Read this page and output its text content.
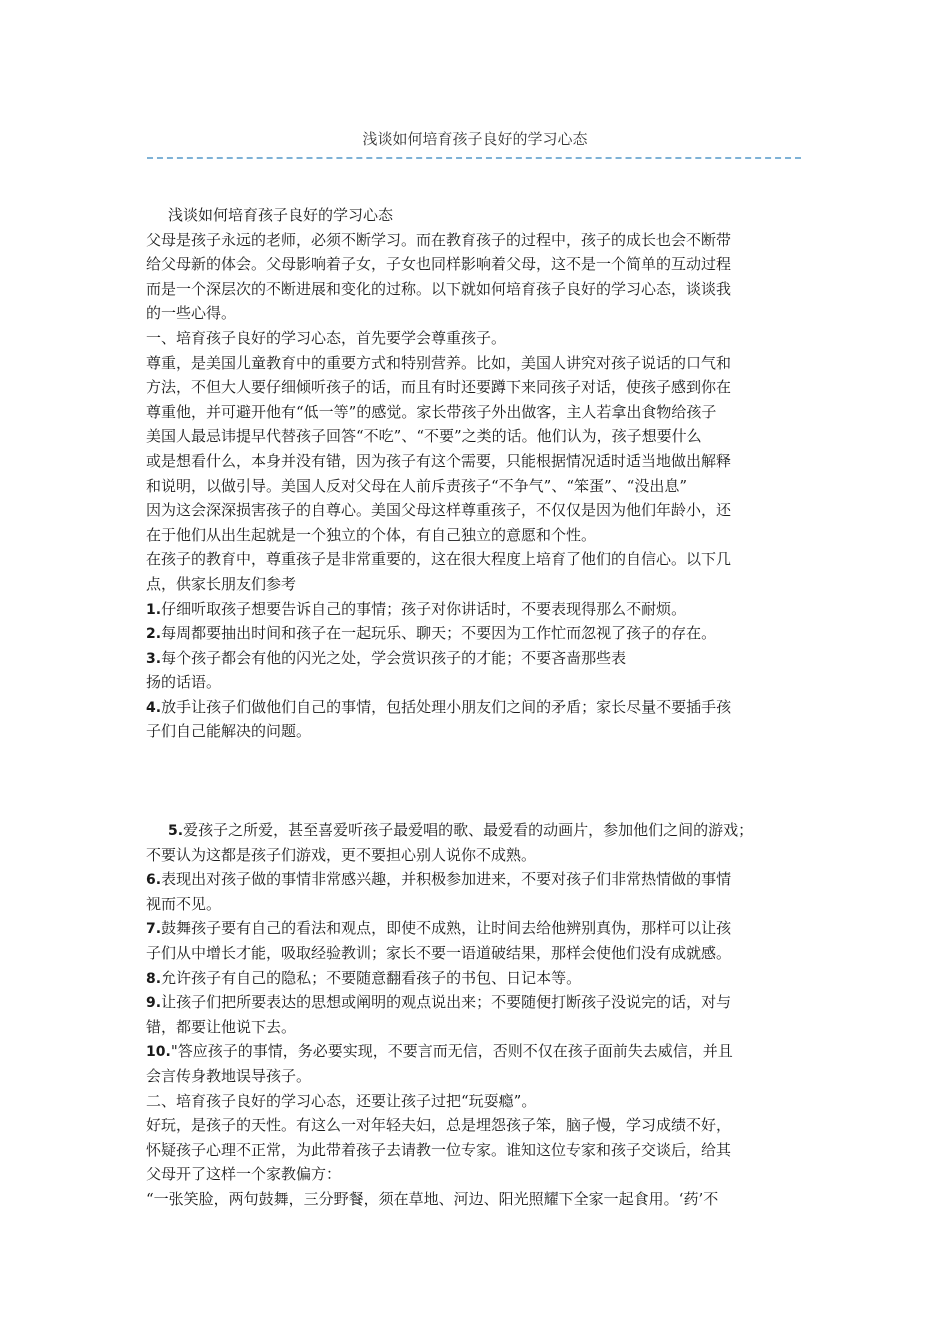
浅谈如何培育孩子良好的学习心态
浅谈如何培育孩子良好的学习心态
父母是孩子永远的老师，必须不断学习。而在教育孩子的过程中，孩子的成长也会不断带
给父母新的体会。父母影响着子女，子女也同样影响着父母，这不是一个简单的互动过程
而是一个深层次的不断进展和变化的过称。以下就如何培育孩子良好的学习心态，谈谈我
的一些心得。
一、培育孩子良好的学习心态，首先要学会尊重孩子。
尊重，是美国儿童教育中的重要方式和特别营养。比如，美国人讲究对孩子说话的口气和
方法，不但大人要仔细倾听孩子的话，而且有时还要蹲下来同孩子对话，使孩子感到你在
尊重他，并可避开他有“低一等”的感觉。家长带孩子外出做客，主人若拿出食物给孩子
美国人最忌讳提早代替孩子回答“不吃”、“不要”之类的话。他们认为，孩子想要什么
或是想看什么，本身并没有错，因为孩子有这个需要，只能根据情况适时适当地做出解释
和说明，以做引导。美国人反对父母在人前斥责孩子“不争气”、“笨蛋”、“没出息”
因为这会深深损害孩子的自尊心。美国父母这样尊重孩子，不仅仅是因为他们年龄小，还
在于他们从出生起就是一个独立的个体，有自己独立的意愿和个性。
在孩子的教育中，尊重孩子是非常重要的，这在很大程度上培育了他们的自信心。以下几
点，供家长朋友们参考
1.仔细听取孩子想要告诉自己的事情；孩子对你讲话时，不要表现得那么不耐烦。
2.每周都要抽出时间和孩子在一起玩乐、聊天；不要因为工作忙而忽视了孩子的存在。
3.每个孩子都会有他的闪光之处，学会赏识孩子的才能；不要吝啬那些表
扬的话语。
4.放手让孩子们做他们自己的事情，包括处理小朋友们之间的矛盾；家长尽量不要插手孩
子们自己能解决的问题。
5.爱孩子之所爱，甚至喜爱听孩子最爱唱的歌、最爱看的动画片，参加他们之间的游戏；
不要认为这都是孩子们游戏，更不要担心别人说你不成熟。
6.表现出对孩子做的事情非常感兴趣，并积极参加进来，不要对孩子们非常热情做的事情
视而不见。
7.鼓舞孩子要有自己的看法和观点，即使不成熟，让时间去给他辨别真伪，那样可以让孩
子们从中增长才能，吸取经验教训；家长不要一语道破结果，那样会使他们没有成就感。
8.允许孩子有自己的隐私；不要随意翻看孩子的书包、日记本等。
9.让孩子们把所要表达的思想或阐明的观点说出来；不要随便打断孩子没说完的话，对与
错，都要让他说下去。
10."答应孩子的事情，务必要实现，不要言而无信，否则不仅在孩子面前失去威信，并且
会言传身教地误导孩子。
二、培育孩子良好的学习心态，还要让孩子过把“玩耍瘾”。
好玩，是孩子的天性。有这么一对年轻夫妇，总是埋怨孩子笨，脑子慢，学习成绩不好，
怀疑孩子心理不正常，为此带着孩子去请教一位专家。谁知这位专家和孩子交谈后，给其
父母开了这样一个家教偏方：
“一张笑脸，两句鼓舞，三分野餐，须在草地、河边、阳光照耀下全家一起食用。‘药’不
